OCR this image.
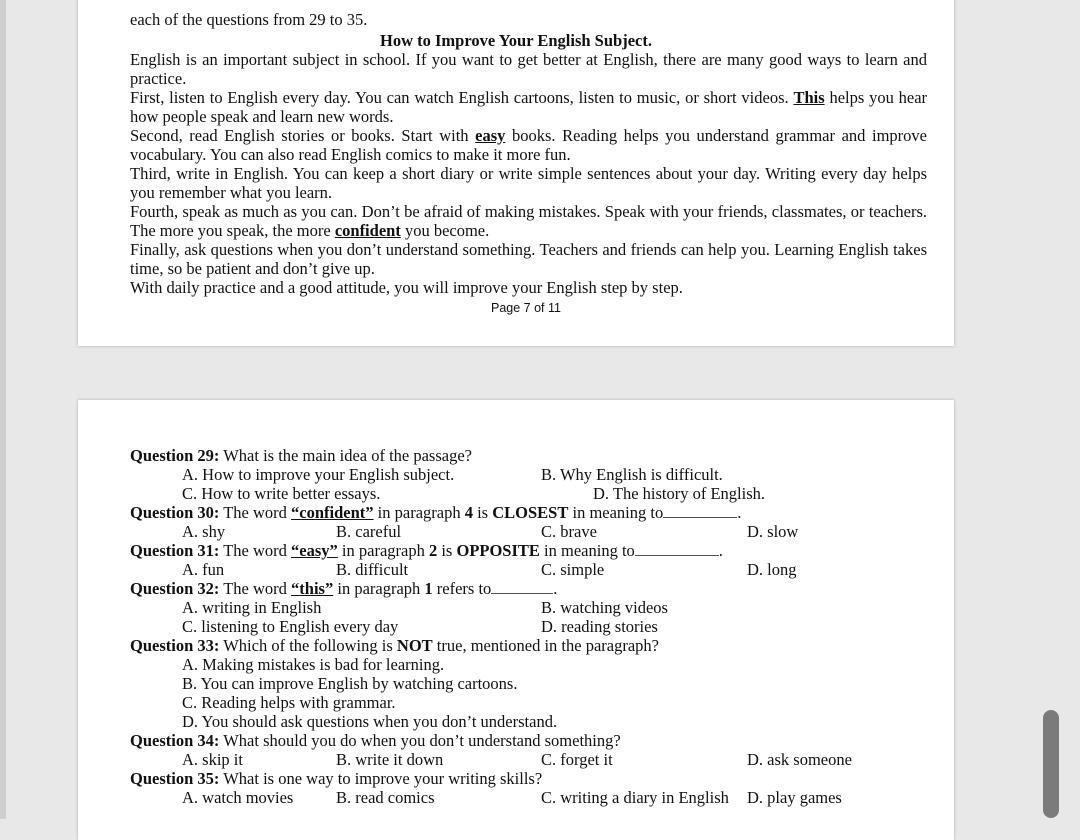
each of the questions from 29 to 35.
How to Improve Your English Subject.
English is an important subject in school. If you want to get better at English, there are many good ways to learn and practice.
First, listen to English every day. You can watch English cartoons, listen to music, or short videos. This helps you hear how people speak and learn new words.
Second, read English stories or books. Start with easy books. Reading helps you understand grammar and improve vocabulary. You can also read English comics to make it more fun.
Third, write in English. You can keep a short diary or write simple sentences about your day. Writing every day helps you remember what you learn.
Fourth, speak as much as you can. Don’t be afraid of making mistakes. Speak with your friends, classmates, or teachers. The more you speak, the more confident you become.
Finally, ask questions when you don’t understand something. Teachers and friends can help you. Learning English takes time, so be patient and don’t give up.
With daily practice and a good attitude, you will improve your English step by step.
Page 7 of 11
Question 29: What is the main idea of the passage?
A. How to improve your English subject.	B. Why English is difficult.
C. How to write better essays.	D. The history of English.
Question 30: The word “confident” in paragraph 4 is CLOSEST in meaning to	.
A. shy	B. careful	C. brave	D. slow
Question 31: The word “easy” in paragraph 2 is OPPOSITE in meaning to	.
A. fun	B. difficult	C. simple	D. long
Question 32: The word “this” in paragraph 1 refers to	.
A. writing in English	B. watching videos
C. listening to English every day	D. reading stories
Question 33: Which of the following is NOT true, mentioned in the paragraph?
A. Making mistakes is bad for learning.
B. You can improve English by watching cartoons.
C. Reading helps with grammar.
D. You should ask questions when you don’t understand.
Question 34: What should you do when you don’t understand something?
A. skip it	B. write it down	C. forget it	D. ask someone
Question 35: What is one way to improve your writing skills?
A. watch movies	B. read comics	C. writing a diary in English D. play games
